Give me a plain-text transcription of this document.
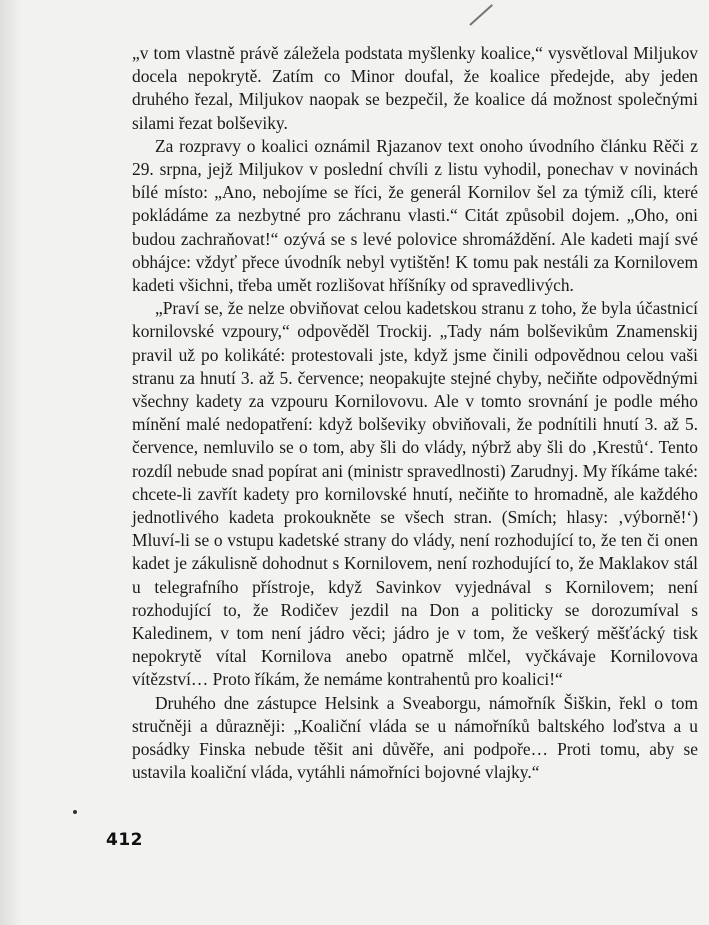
„v tom vlastně právě záležela podstata myšlenky koalice,“ vysvětloval Miljukov docela nepokrytě. Zatím co Minor doufal, že koalice předejde, aby jeden druhého řezal, Miljukov naopak se bezpečil, že koalice dá možnost společnými silami řezat bolševiky.

Za rozpravy o koalici oznámil Rjazanov text onoho úvodního článku Rěči z 29. srpna, jejž Miljukov v poslední chvíli z listu vyhodil, ponechav v novinách bílé místo: „Ano, nebojíme se říci, že generál Kornilov šel za týmiž cíli, které pokládáme za nezbytné pro záchranu vlasti.“ Citát způsobil dojem. „Oho, oni budou zachraňovat!“ ozývá se s levé polovice shromáždění. Ale kadeti mají své obhájce: vždyť přece úvodník nebyl vytištěn! K tomu pak nestáli za Kornilovem kadeti všichni, třeba umět rozlišovat hříšníky od spravedlivých.

„Praví se, že nelze obviňovat celou kadetskou stranu z toho, že byla účastnicí kornilovské vzpoury,“ odpověděl Trockij. „Tady nám bolševikům Znamenskij pravil už po kolikáté: protestovali jste, když jsme činili odpovědnou celou vaši stranu za hnutí 3. až 5. července; neopakujte stejné chyby, nečiňte odpovědnými všechny kadety za vzpouru Kornilovovu. Ale v tomto srovnání je podle mého mínění malé nedopatření: když bolševiky obviňovali, že podnítili hnutí 3. až 5. července, nemluvilo se o tom, aby šli do vlády, nýbrž aby šli do ‚Krestů‘. Tento rozdíl nebude snad popírat ani (ministr spravedlnosti) Zarudnyj. My říkáme také: chcete-li zavřít kadety pro kornilovské hnutí, nečiňte to hromadně, ale každého jednotlivého kadeta prokoukněte se všech stran. (Smích; hlasy: ‚výborně!‘) Mluví-li se o vstupu kadetské strany do vlády, není rozhodující to, že ten či onen kadet je zákulisně dohodnut s Kornilovem, není rozhodující to, že Maklakov stál u telegrafního přístroje, když Savinkov vyjednával s Kornilovem; není rozhodující to, že Rodičev jezdil na Don a politicky se dorozumíval s Kaledinem, v tom není jádro věci; jádro je v tom, že veškerý měšťácký tisk nepokrytě vítal Kornilova anebo opatrně mlčel, vyčkávaje Kornilovova vítězství… Proto říkám, že nemáme kontrahentů pro koalici!“

Druhého dne zástupce Helsink a Sveaborgu, námořník Šiškin, řekl o tom stručněji a důrazněji: „Koaliční vláda se u námořníků baltského loďstva a u posádky Finska nebude těšit ani důvěře, ani podpoře… Proti tomu, aby se ustavila koaliční vláda, vytáhli námořníci bojovné vlajky.“

412
